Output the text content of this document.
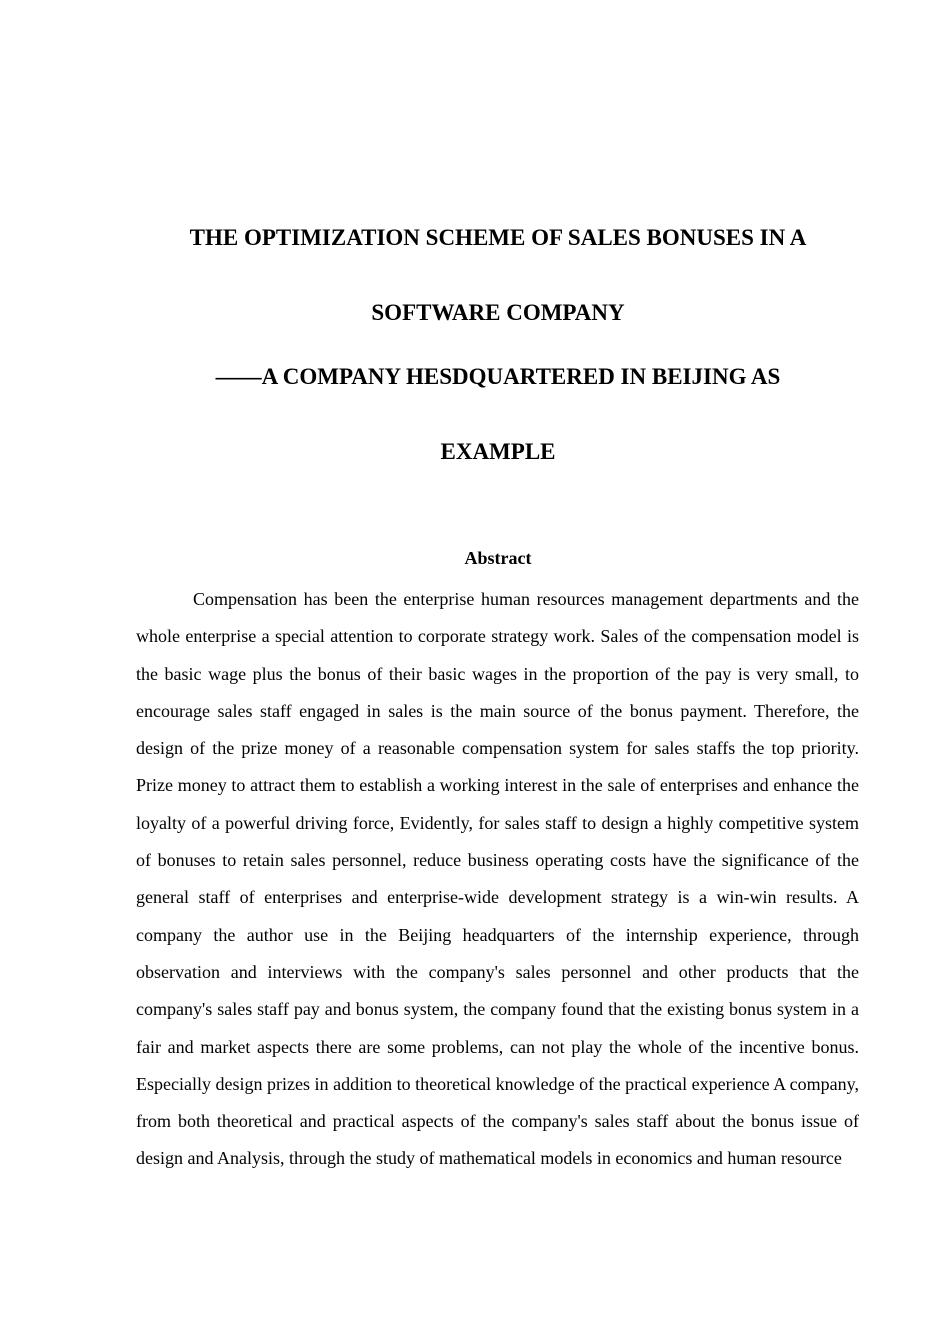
THE OPTIMIZATION SCHEME OF SALES BONUSES IN A

SOFTWARE COMPANY

——A COMPANY HESDQUARTERED IN BEIJING AS

EXAMPLE

Abstract

Compensation has been the enterprise human resources management departments and the whole enterprise a special attention to corporate strategy work. Sales of the compensation model is the basic wage plus the bonus of their basic wages in the proportion of the pay is very small, to encourage sales staff engaged in sales is the main source of the bonus payment. Therefore, the design of the prize money of a reasonable compensation system for sales staffs the top priority. Prize money to attract them to establish a working interest in the sale of enterprises and enhance the loyalty of a powerful driving force, Evidently, for sales staff to design a highly competitive system of bonuses to retain sales personnel, reduce business operating costs have the significance of the general staff of enterprises and enterprise-wide development strategy is a win-win results. A company the author use in the Beijing headquarters of the internship experience, through observation and interviews with the company's sales personnel and other products that the company's sales staff pay and bonus system, the company found that the existing bonus system in a fair and market aspects there are some problems, can not play the whole of the incentive bonus. Especially design prizes in addition to theoretical knowledge of the practical experience A company, from both theoretical and practical aspects of the company's sales staff about the bonus issue of design and Analysis, through the study of mathematical models in economics and human resource
